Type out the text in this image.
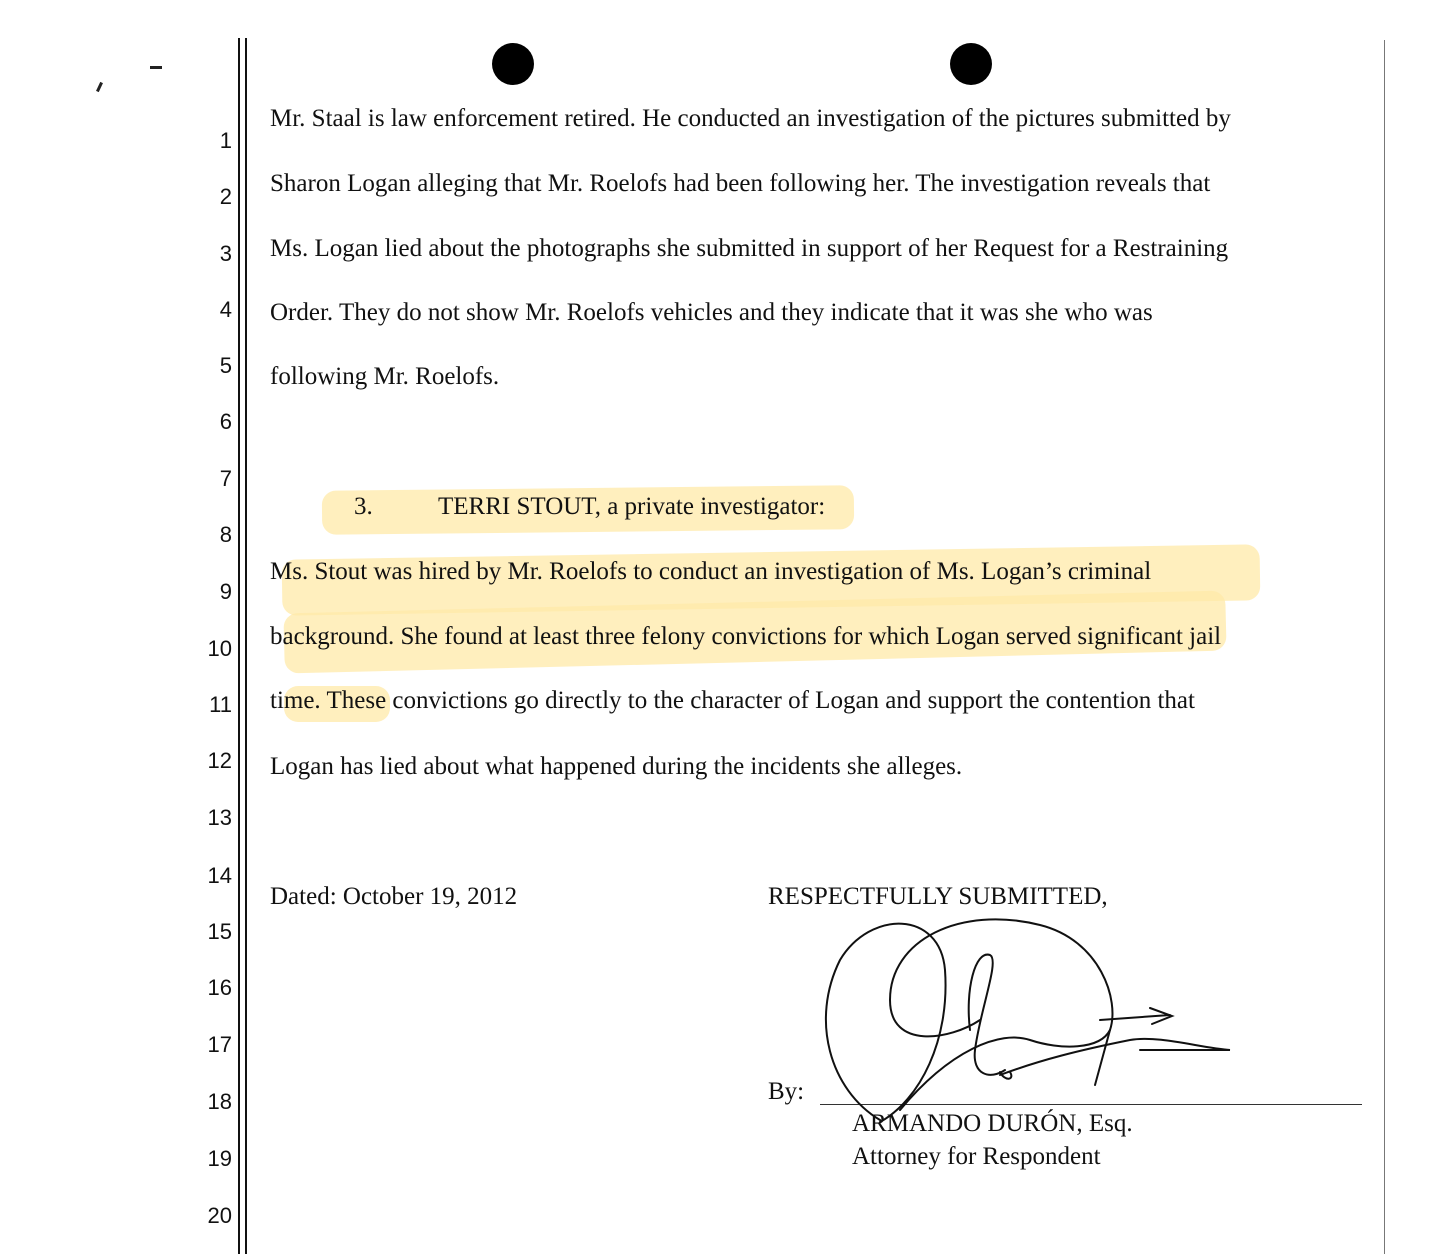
1
2
3
4
5
6
7
8
9
10
11
12
13
14
15
16
17
18
19
20
Mr. Staal is law enforcement retired. He conducted an investigation of the pictures submitted by
Sharon Logan alleging that Mr. Roelofs had been following her. The investigation reveals that
Ms. Logan lied about the photographs she submitted in support of her Request for a Restraining
Order. They do not show Mr. Roelofs vehicles and they indicate that it was she who was
following Mr. Roelofs.
3.	TERRI STOUT, a private investigator:
Ms. Stout was hired by Mr. Roelofs to conduct an investigation of Ms. Logan’s criminal
background. She found at least three felony convictions for which Logan served significant jail
time. These convictions go directly to the character of Logan and support the contention that
Logan has lied about what happened during the incidents she alleges.
Dated: October 19, 2012	RESPECTFULLY SUBMITTED,
By:
ARMANDO DURÓN, Esq.
Attorney for Respondent
